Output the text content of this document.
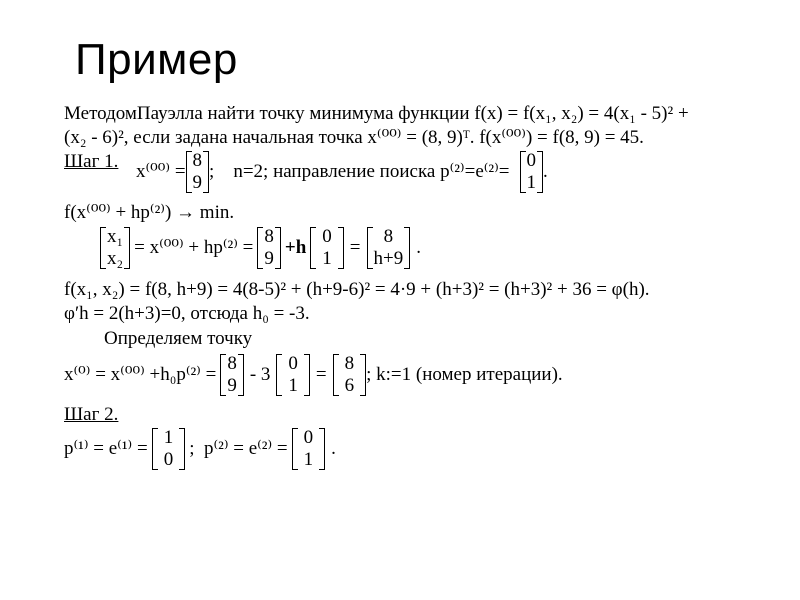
Пример
МетодомПауэлла найти точку минимума функции f(x) = f(x₁, x₂) = 4(x₁ - 5)² +
(x₂ - 6)², если задана начальная точка x⁽⁰⁰⁾ = (8, 9)ᵀ. f(x⁽⁰⁰⁾) = f(8, 9) = 45.
Шаг 1. x⁽⁰⁰⁾ =
8
9
;    n=2; направление поиска p⁽²⁾=e⁽²⁾=
0
1
.
f(x⁽⁰⁰⁾ + hp⁽²⁾) → min.
x₁
x₂
= x⁽⁰⁰⁾ + hp⁽²⁾ =
8
9
+h
0
1
=
8
h+9
.
f(x₁, x₂) = f(8, h+9) = 4(8-5)² + (h+9-6)² = 4·9 + (h+3)² = (h+3)² + 36 = φ(h).
φ′h = 2(h+3)=0, отсюда h₀ = -3.
Определяем точку
x⁽⁰⁾ = x⁽⁰⁰⁾ +h₀p⁽²⁾ =
8
9
- 3
0
1
=
8
6
; k:=1 (номер итерации).
Шаг 2.
p⁽¹⁾ = e⁽¹⁾ =
1
0
;  p⁽²⁾ = e⁽²⁾ =
0
1
.
